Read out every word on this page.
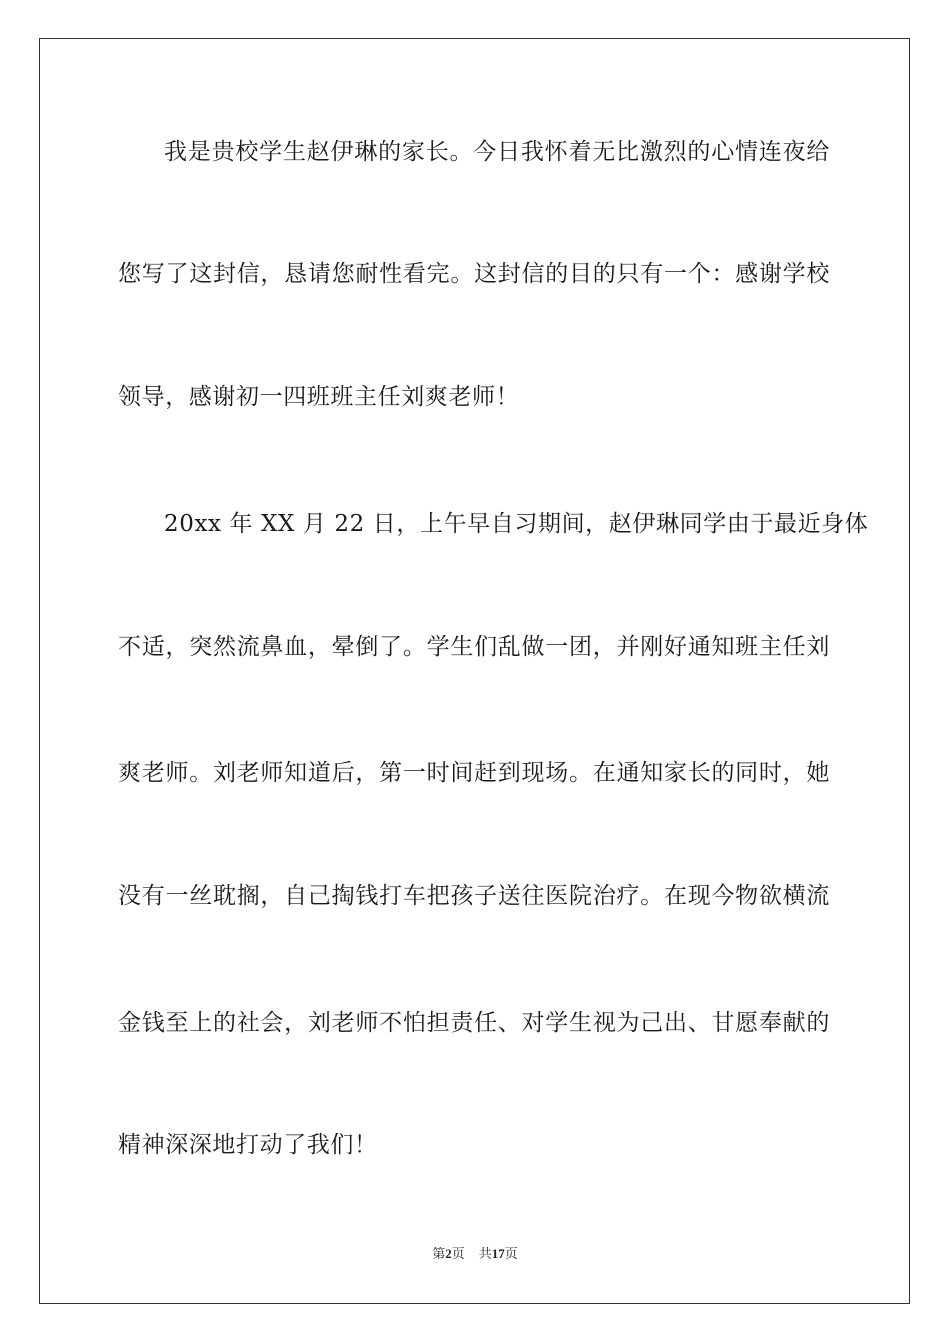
我是贵校学生赵伊琳的家长。今日我怀着无比激烈的心情连夜给
您写了这封信，恳请您耐性看完。这封信的目的只有一个：感谢学校
领导，感谢初一四班班主任刘爽老师！
20xx 年 XX 月 22 日，上午早自习期间，赵伊琳同学由于最近身体
不适，突然流鼻血，晕倒了。学生们乱做一团，并刚好通知班主任刘
爽老师。刘老师知道后，第一时间赶到现场。在通知家长的同时，她
没有一丝耽搁，自己掏钱打车把孩子送往医院治疗。在现今物欲横流
金钱至上的社会，刘老师不怕担责任、对学生视为己出、甘愿奉献的
精神深深地打动了我们！
第2页 共17页
